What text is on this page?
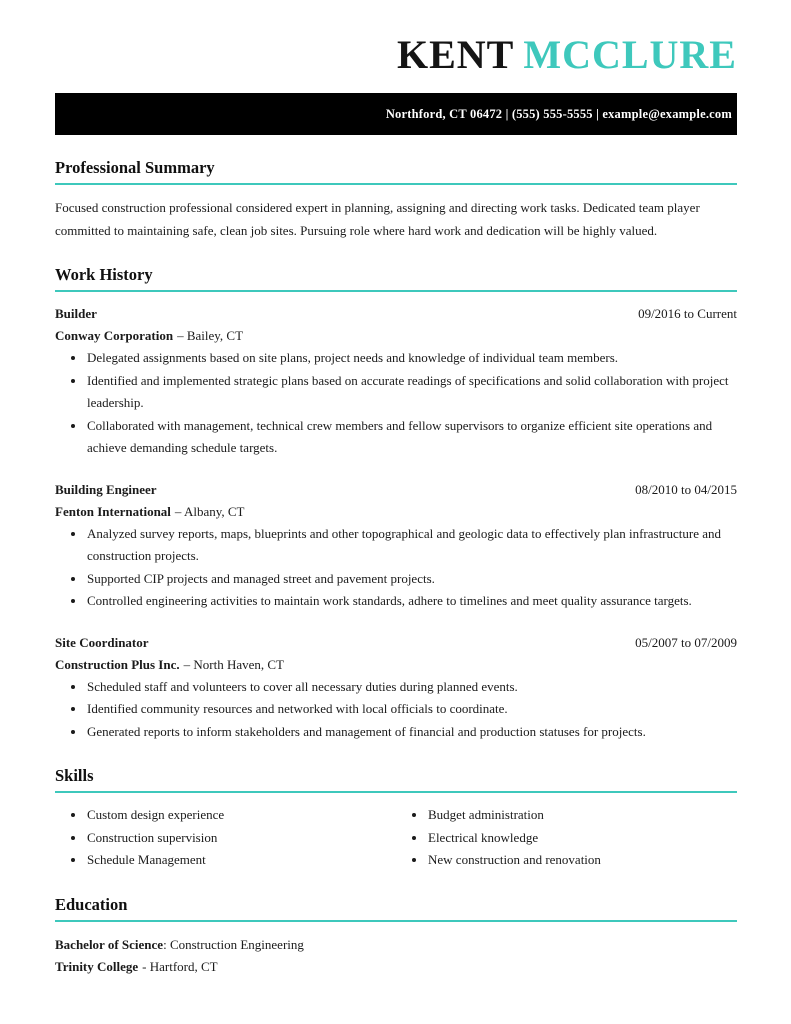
KENT MCCLURE
Northford, CT 06472 | (555) 555-5555 | example@example.com
Professional Summary

Focused construction professional considered expert in planning, assigning and directing work tasks. Dedicated team player committed to maintaining safe, clean job sites. Pursuing role where hard work and dedication will be highly valued.

Work History
Builder	09/2016 to Current
Conway Corporation – Bailey, CT
• Delegated assignments based on site plans, project needs and knowledge of individual team members.
• Identified and implemented strategic plans based on accurate readings of specifications and solid collaboration with project leadership.
• Collaborated with management, technical crew members and fellow supervisors to organize efficient site operations and achieve demanding schedule targets.
Building Engineer	08/2010 to 04/2015
Fenton International – Albany, CT
• Analyzed survey reports, maps, blueprints and other topographical and geologic data to effectively plan infrastructure and construction projects.
• Supported CIP projects and managed street and pavement projects.
• Controlled engineering activities to maintain work standards, adhere to timelines and meet quality assurance targets.
Site Coordinator	05/2007 to 07/2009
Construction Plus Inc. – North Haven, CT
• Scheduled staff and volunteers to cover all necessary duties during planned events.
• Identified community resources and networked with local officials to coordinate.
• Generated reports to inform stakeholders and management of financial and production statuses for projects.
Skills
• Custom design experience
• Construction supervision
• Schedule Management
• Budget administration
• Electrical knowledge
• New construction and renovation
Education

Bachelor of Science: Construction Engineering

Trinity College - Hartford, CT
